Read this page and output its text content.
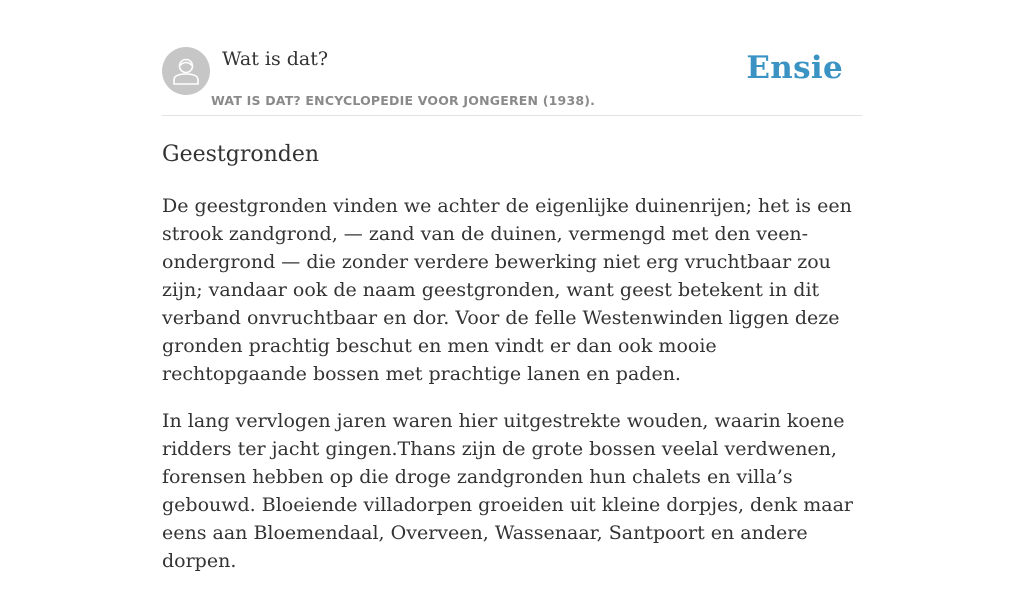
Wat is dat?
WAT IS DAT? ENCYCLOPEDIE VOOR JONGEREN (1938).
Ensie
Geestgronden

De geestgronden vinden we achter de eigenlijke duinenrijen; het is een strook zandgrond, — zand van de duinen, vermengd met den veen-ondergrond — die zonder verdere bewerking niet erg vruchtbaar zou zijn; vandaar ook de naam geestgronden, want geest betekent in dit verband onvruchtbaar en dor. Voor de felle Westenwinden liggen deze gronden prachtig beschut en men vindt er dan ook mooie rechtopgaande bossen met prachtige lanen en paden.

In lang vervlogen jaren waren hier uitgestrekte wouden, waarin koene ridders ter jacht gingen.Thans zijn de grote bossen veelal verdwenen, forensen hebben op die droge zandgronden hun chalets en villa’s gebouwd. Bloeiende villadorpen groeiden uit kleine dorpjes, denk maar eens aan Bloemendaal, Overveen, Wassenaar, Santpoort en andere dorpen.
